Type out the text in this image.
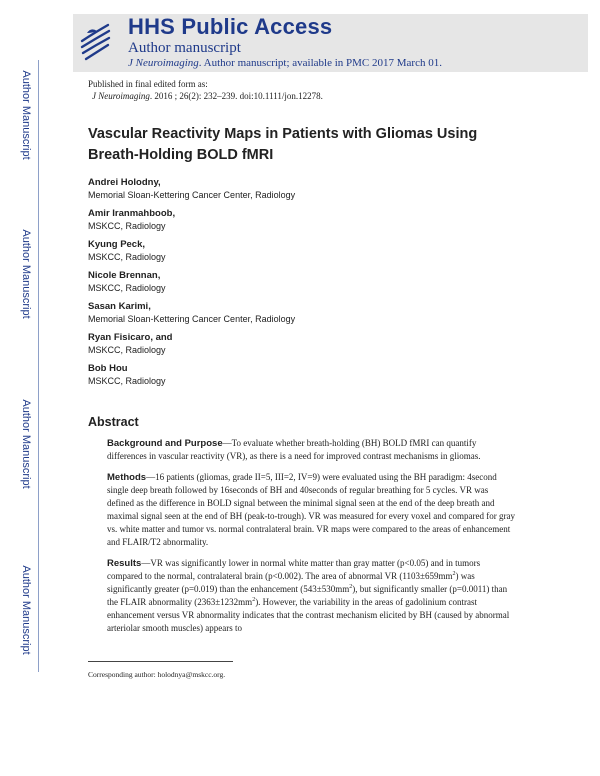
HHS Public Access
Author manuscript
J Neuroimaging. Author manuscript; available in PMC 2017 March 01.
Author Manuscript
Author Manuscript
Author Manuscript
Author Manuscript
Published in final edited form as:
J Neuroimaging. 2016 ; 26(2): 232–239. doi:10.1111/jon.12278.
Vascular Reactivity Maps in Patients with Gliomas Using Breath-Holding BOLD fMRI
Andrei Holodny,
Memorial Sloan-Kettering Cancer Center, Radiology
Amir Iranmahboob,
MSKCC, Radiology
Kyung Peck,
MSKCC, Radiology
Nicole Brennan,
MSKCC, Radiology
Sasan Karimi,
Memorial Sloan-Kettering Cancer Center, Radiology
Ryan Fisicaro, and
MSKCC, Radiology
Bob Hou
MSKCC, Radiology
Abstract

Background and Purpose—To evaluate whether breath-holding (BH) BOLD fMRI can quantify differences in vascular reactivity (VR), as there is a need for improved contrast mechanisms in gliomas.

Methods—16 patients (gliomas, grade II=5, III=2, IV=9) were evaluated using the BH paradigm: 4second single deep breath followed by 16seconds of BH and 40seconds of regular breathing for 5 cycles. VR was defined as the difference in BOLD signal between the minimal signal seen at the end of the deep breath and maximal signal seen at the end of BH (peak-to-trough). VR was measured for every voxel and compared for gray vs. white matter and tumor vs. normal contralateral brain. VR maps were compared to the areas of enhancement and FLAIR/T2 abnormality.

Results—VR was significantly lower in normal white matter than gray matter (p<0.05) and in tumors compared to the normal, contralateral brain (p<0.002). The area of abnormal VR $(1103\pm 659mm^2)$ was significantly greater (p=0.019) than the enhancement $(543\pm 530mm^2)$, but significantly smaller (p=0.0011) than the FLAIR abnormality $(2363\pm 1232mm^2)$. However, the variability in the areas of gadolinium contrast enhancement versus VR abnormality indicates that the contrast mechanism elicited by BH (caused by abnormal arteriolar smooth muscles) appears to

Corresponding author: holodnya@mskcc.org.
